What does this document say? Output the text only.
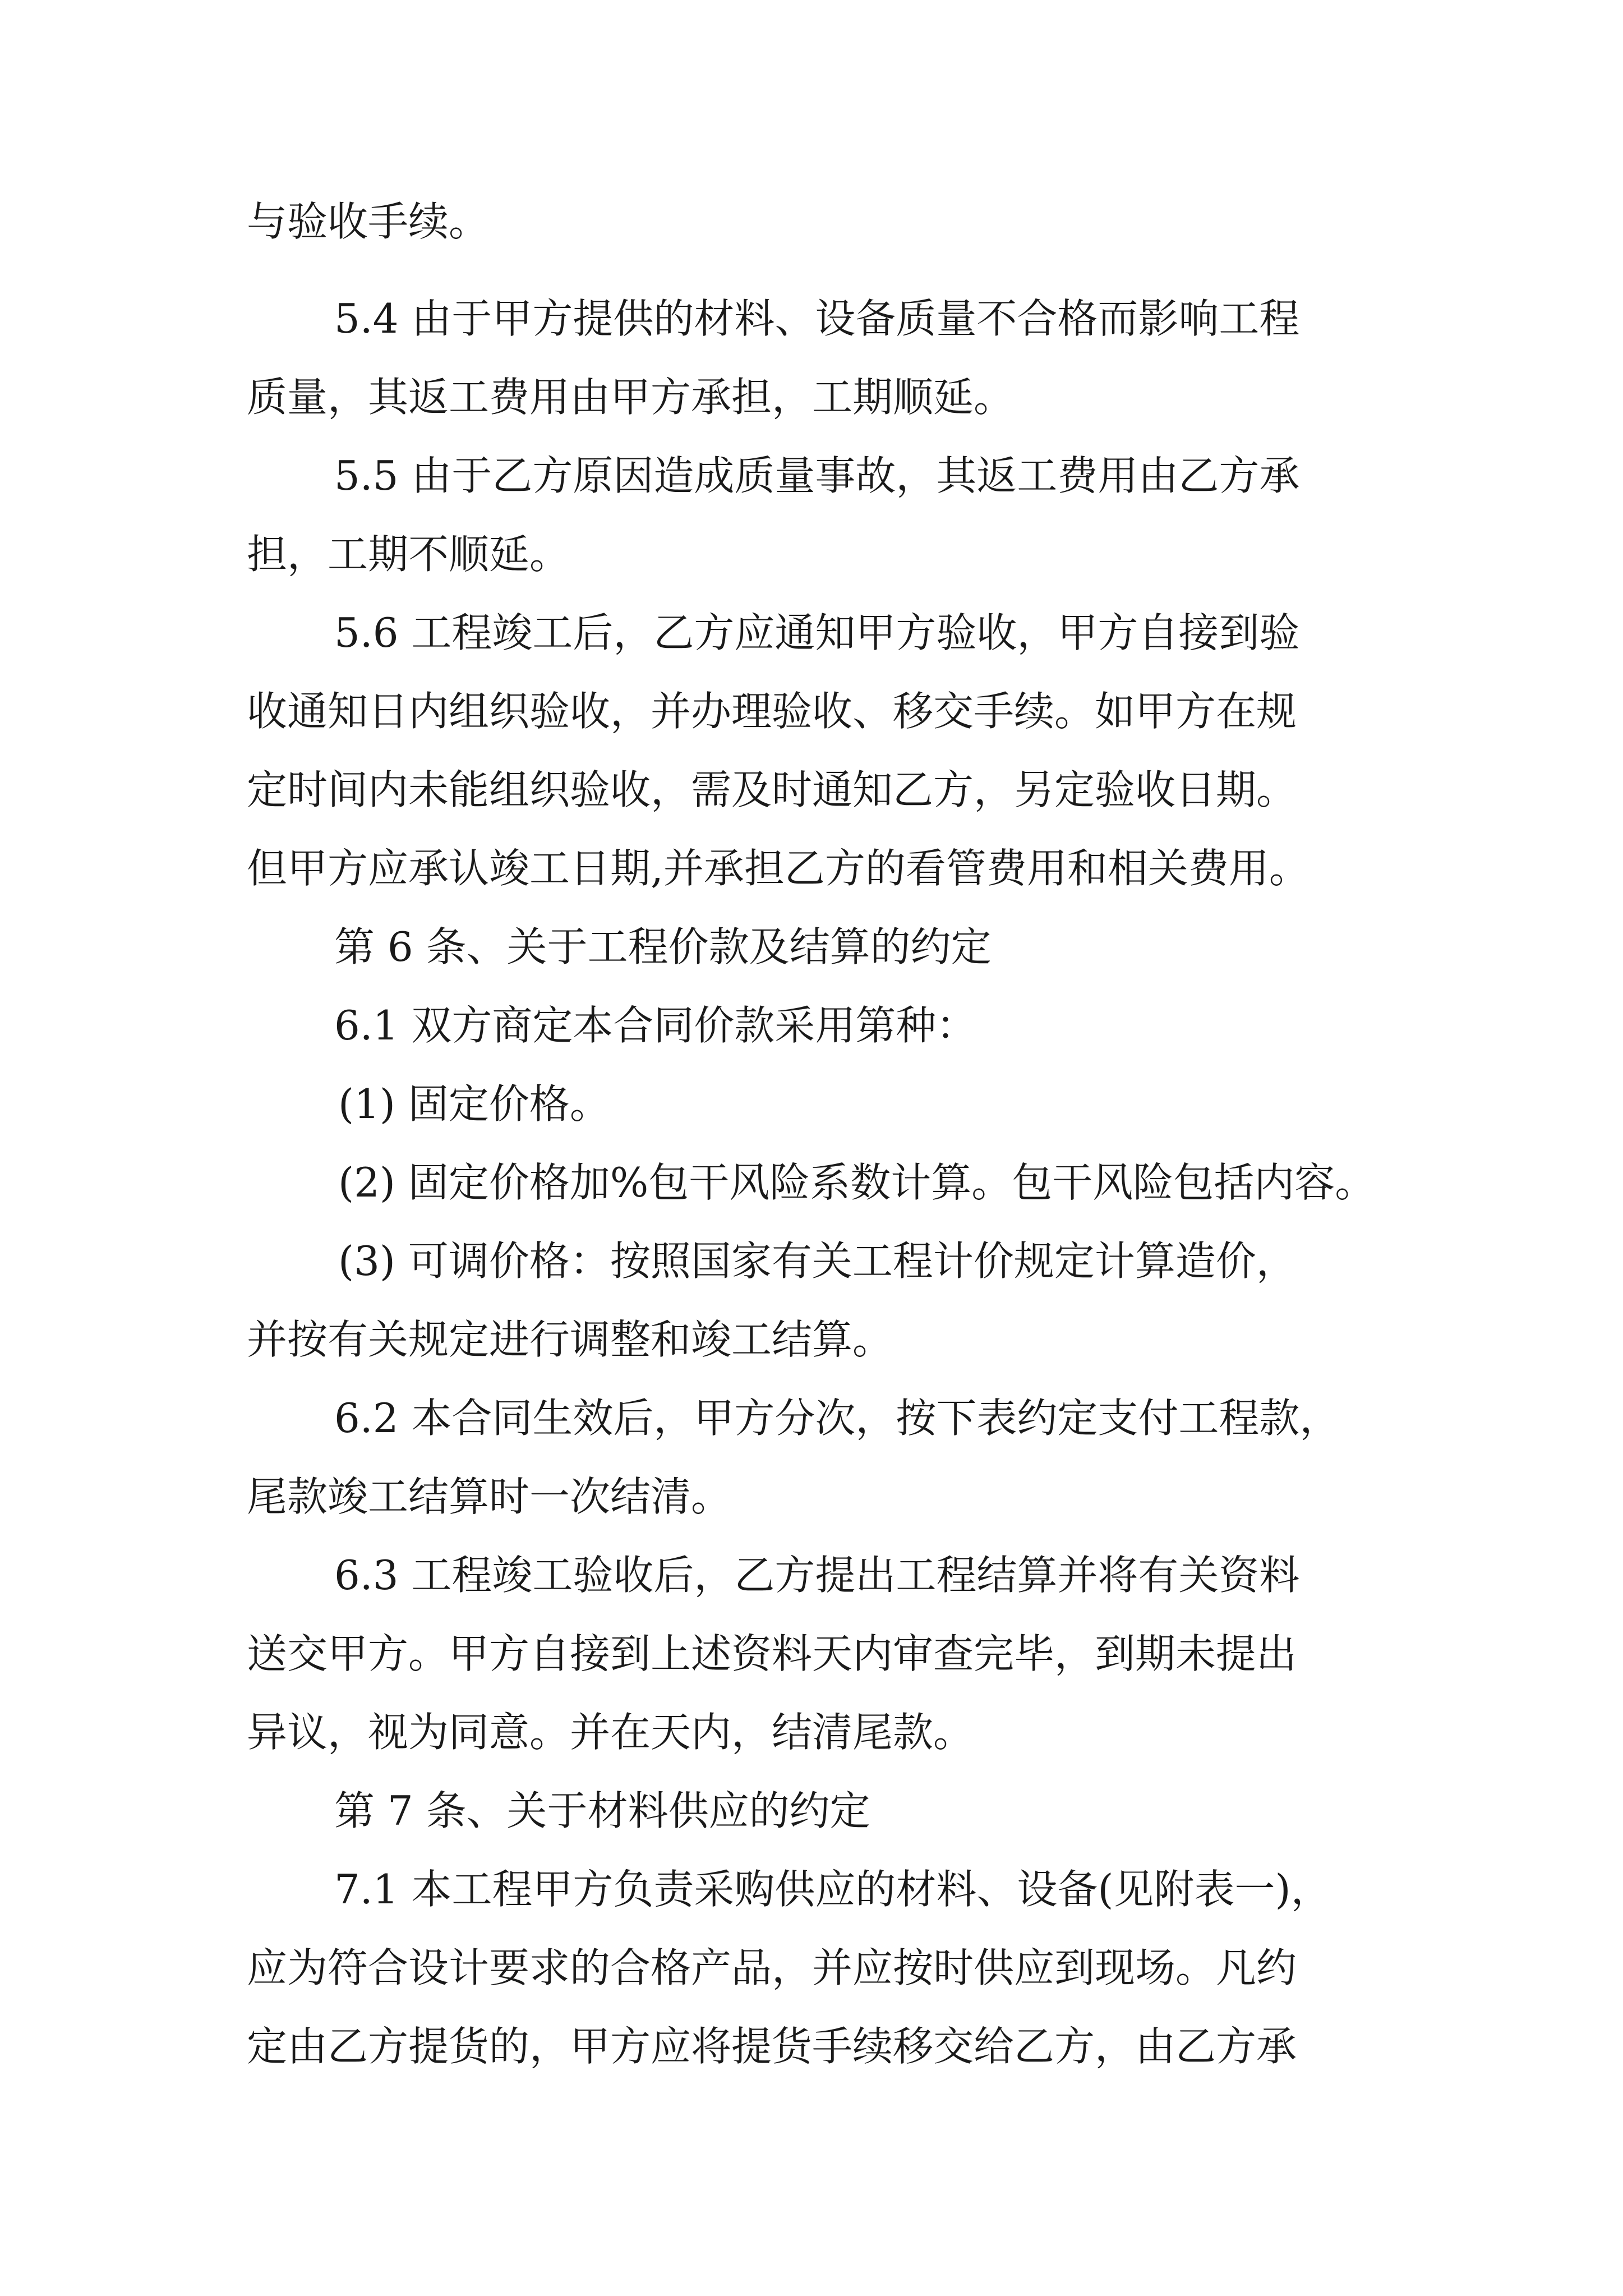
与验收手续。
5.4 由于甲方提供的材料、设备质量不合格而影响工程
质量，其返工费用由甲方承担，工期顺延。
5.5 由于乙方原因造成质量事故，其返工费用由乙方承
担，工期不顺延。
5.6 工程竣工后，乙方应通知甲方验收，甲方自接到验
收通知日内组织验收，并办理验收、移交手续。如甲方在规
定时间内未能组织验收，需及时通知乙方，另定验收日期。
但甲方应承认竣工日期,并承担乙方的看管费用和相关费用。
第 6 条、关于工程价款及结算的约定
6.1 双方商定本合同价款采用第种：
(1) 固定价格。
(2) 固定价格加%包干风险系数计算。包干风险包括内容。
(3) 可调价格：按照国家有关工程计价规定计算造价，
并按有关规定进行调整和竣工结算。
6.2 本合同生效后，甲方分次，按下表约定支付工程款，
尾款竣工结算时一次结清。
6.3 工程竣工验收后，乙方提出工程结算并将有关资料
送交甲方。甲方自接到上述资料天内审查完毕，到期未提出
异议，视为同意。并在天内，结清尾款。
第 7 条、关于材料供应的约定
7.1 本工程甲方负责采购供应的材料、设备(见附表一)，
应为符合设计要求的合格产品，并应按时供应到现场。凡约
定由乙方提货的，甲方应将提货手续移交给乙方，由乙方承
